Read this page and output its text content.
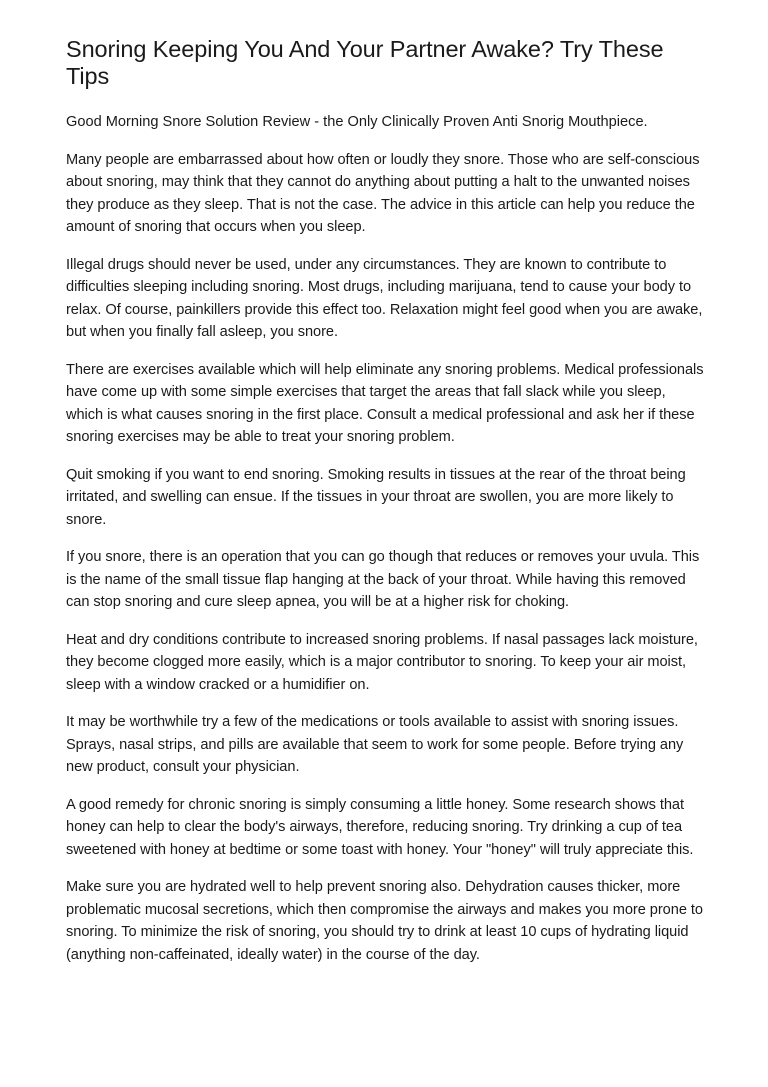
Snoring Keeping You And Your Partner Awake? Try These Tips

Good Morning Snore Solution Review - the Only Clinically Proven Anti Snorig Mouthpiece.

Many people are embarrassed about how often or loudly they snore. Those who are self-conscious about snoring, may think that they cannot do anything about putting a halt to the unwanted noises they produce as they sleep. That is not the case. The advice in this article can help you reduce the amount of snoring that occurs when you sleep.

Illegal drugs should never be used, under any circumstances. They are known to contribute to difficulties sleeping including snoring. Most drugs, including marijuana, tend to cause your body to relax. Of course, painkillers provide this effect too. Relaxation might feel good when you are awake, but when you finally fall asleep, you snore.

There are exercises available which will help eliminate any snoring problems. Medical professionals have come up with some simple exercises that target the areas that fall slack while you sleep, which is what causes snoring in the first place. Consult a medical professional and ask her if these snoring exercises may be able to treat your snoring problem.

Quit smoking if you want to end snoring. Smoking results in tissues at the rear of the throat being irritated, and swelling can ensue. If the tissues in your throat are swollen, you are more likely to snore.

If you snore, there is an operation that you can go though that reduces or removes your uvula. This is the name of the small tissue flap hanging at the back of your throat. While having this removed can stop snoring and cure sleep apnea, you will be at a higher risk for choking.

Heat and dry conditions contribute to increased snoring problems. If nasal passages lack moisture, they become clogged more easily, which is a major contributor to snoring. To keep your air moist, sleep with a window cracked or a humidifier on.

It may be worthwhile try a few of the medications or tools available to assist with snoring issues. Sprays, nasal strips, and pills are available that seem to work for some people. Before trying any new product, consult your physician.

A good remedy for chronic snoring is simply consuming a little honey. Some research shows that honey can help to clear the body's airways, therefore, reducing snoring. Try drinking a cup of tea sweetened with honey at bedtime or some toast with honey. Your "honey" will truly appreciate this.

Make sure you are hydrated well to help prevent snoring also. Dehydration causes thicker, more problematic mucosal secretions, which then compromise the airways and makes you more prone to snoring. To minimize the risk of snoring, you should try to drink at least 10 cups of hydrating liquid (anything non-caffeinated, ideally water) in the course of the day.
